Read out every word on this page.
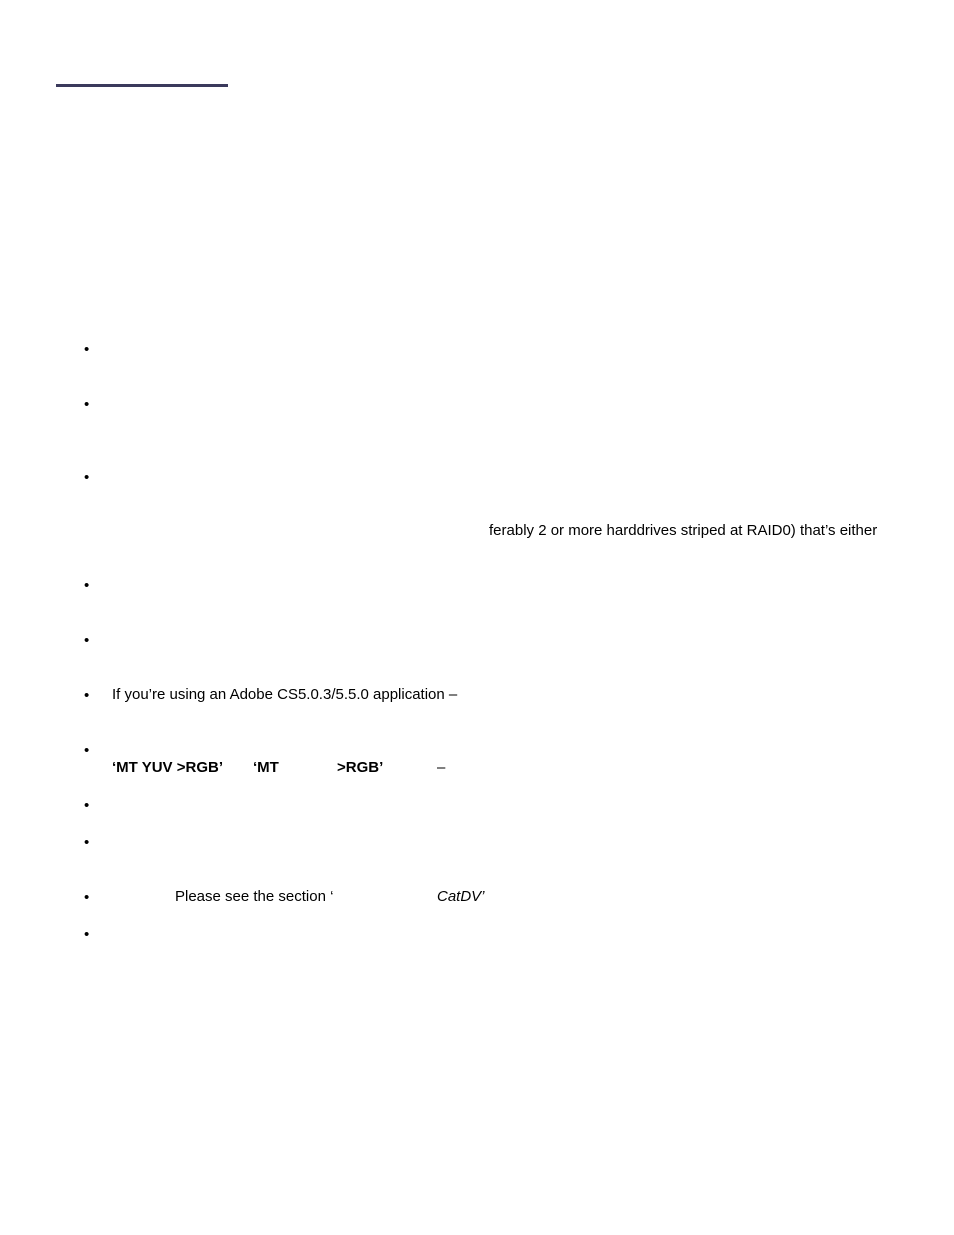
•
•
•
ferably 2 or more harddrives striped at RAID0) that’s either
•
•
• If you’re using an Adobe CS5.0.3/5.5.0 application –
•
‘MT YUV >RGB’ ‘MT	>RGB’	–
•
•
•	Please see the section ‘	CatDV’
•
